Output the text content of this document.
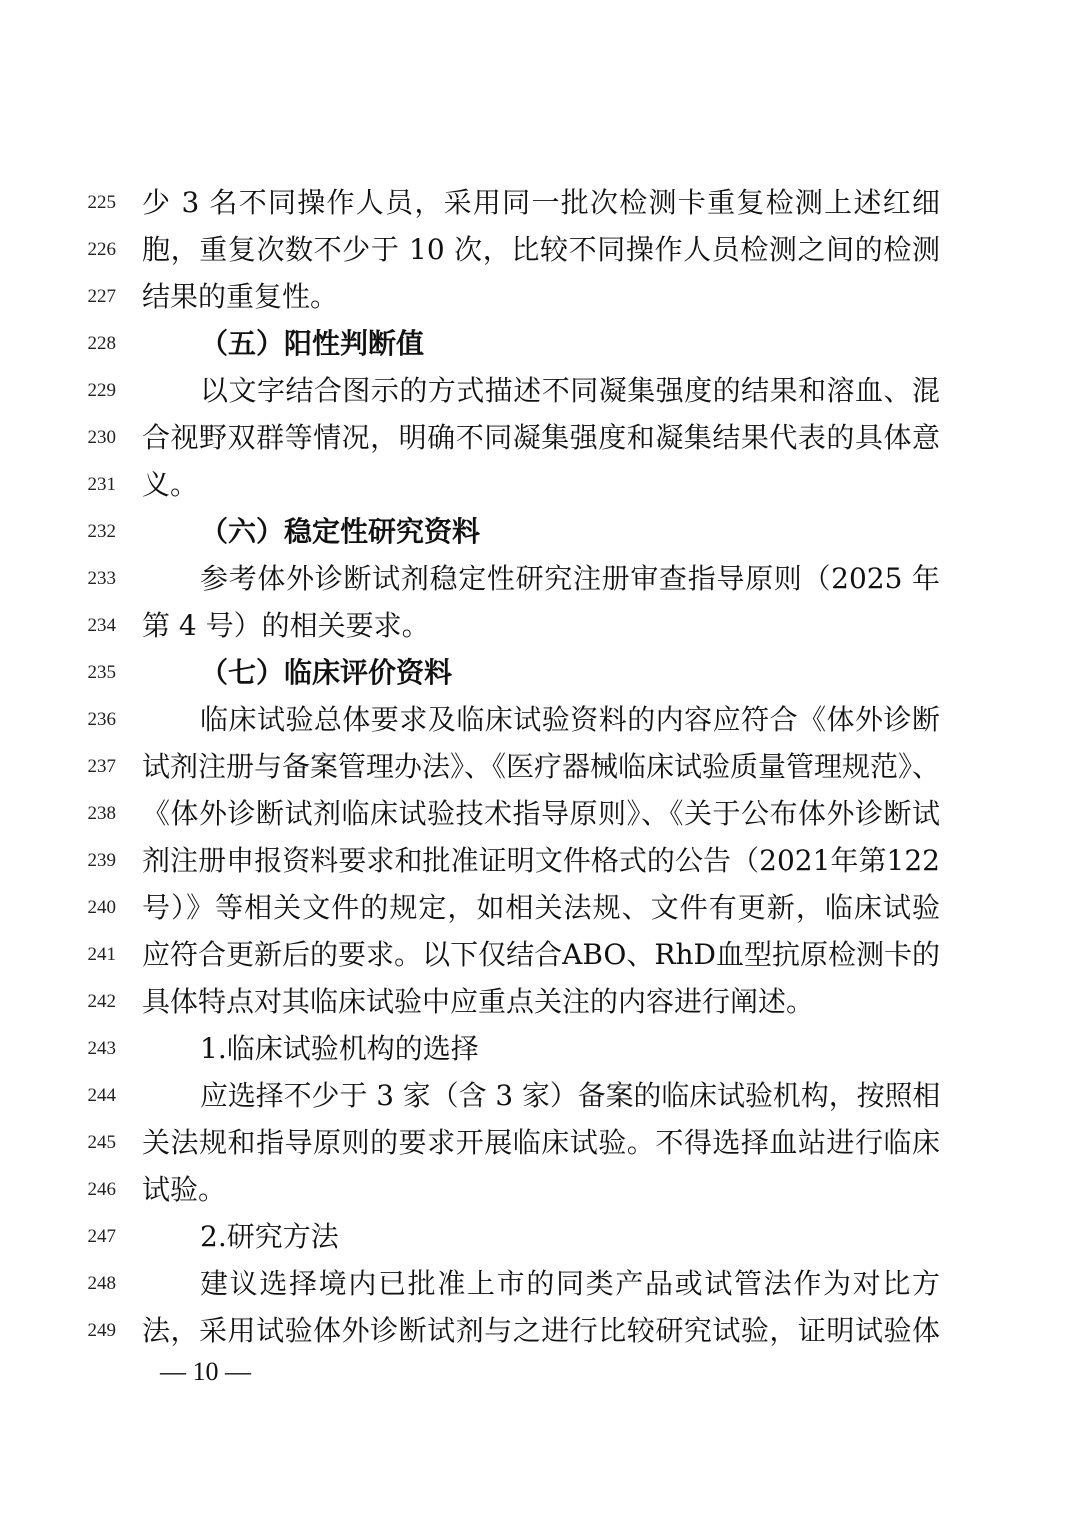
225 少 3 名不同操作人员，采用同一批次检测卡重复检测上述红细
226 胞，重复次数不少于 10 次，比较不同操作人员检测之间的检测
227 结果的重复性。
228	（五）阳性判断值
229	以文字结合图示的方式描述不同凝集强度的结果和溶血、混
230 合视野双群等情况，明确不同凝集强度和凝集结果代表的具体意
231 义。
232	（六）稳定性研究资料
233	参考体外诊断试剂稳定性研究注册审查指导原则（2025 年
234 第 4 号）的相关要求。
235	（七）临床评价资料
236	临床试验总体要求及临床试验资料的内容应符合《体外诊断
237 试剂注册与备案管理办法》、《医疗器械临床试验质量管理规范》、
238 《体外诊断试剂临床试验技术指导原则》、《关于公布体外诊断试
239 剂注册申报资料要求和批准证明文件格式的公告（2021年第122
240 号）》等相关文件的规定，如相关法规、文件有更新，临床试验
241 应符合更新后的要求。以下仅结合ABO、RhD血型抗原检测卡的
242 具体特点对其临床试验中应重点关注的内容进行阐述。
243	1.临床试验机构的选择
244	应选择不少于 3 家（含 3 家）备案的临床试验机构，按照相
245 关法规和指导原则的要求开展临床试验。不得选择血站进行临床
246 试验。
247	2.研究方法
248	建议选择境内已批准上市的同类产品或试管法作为对比方
249 法，采用试验体外诊断试剂与之进行比较研究试验，证明试验体
— 10 —
